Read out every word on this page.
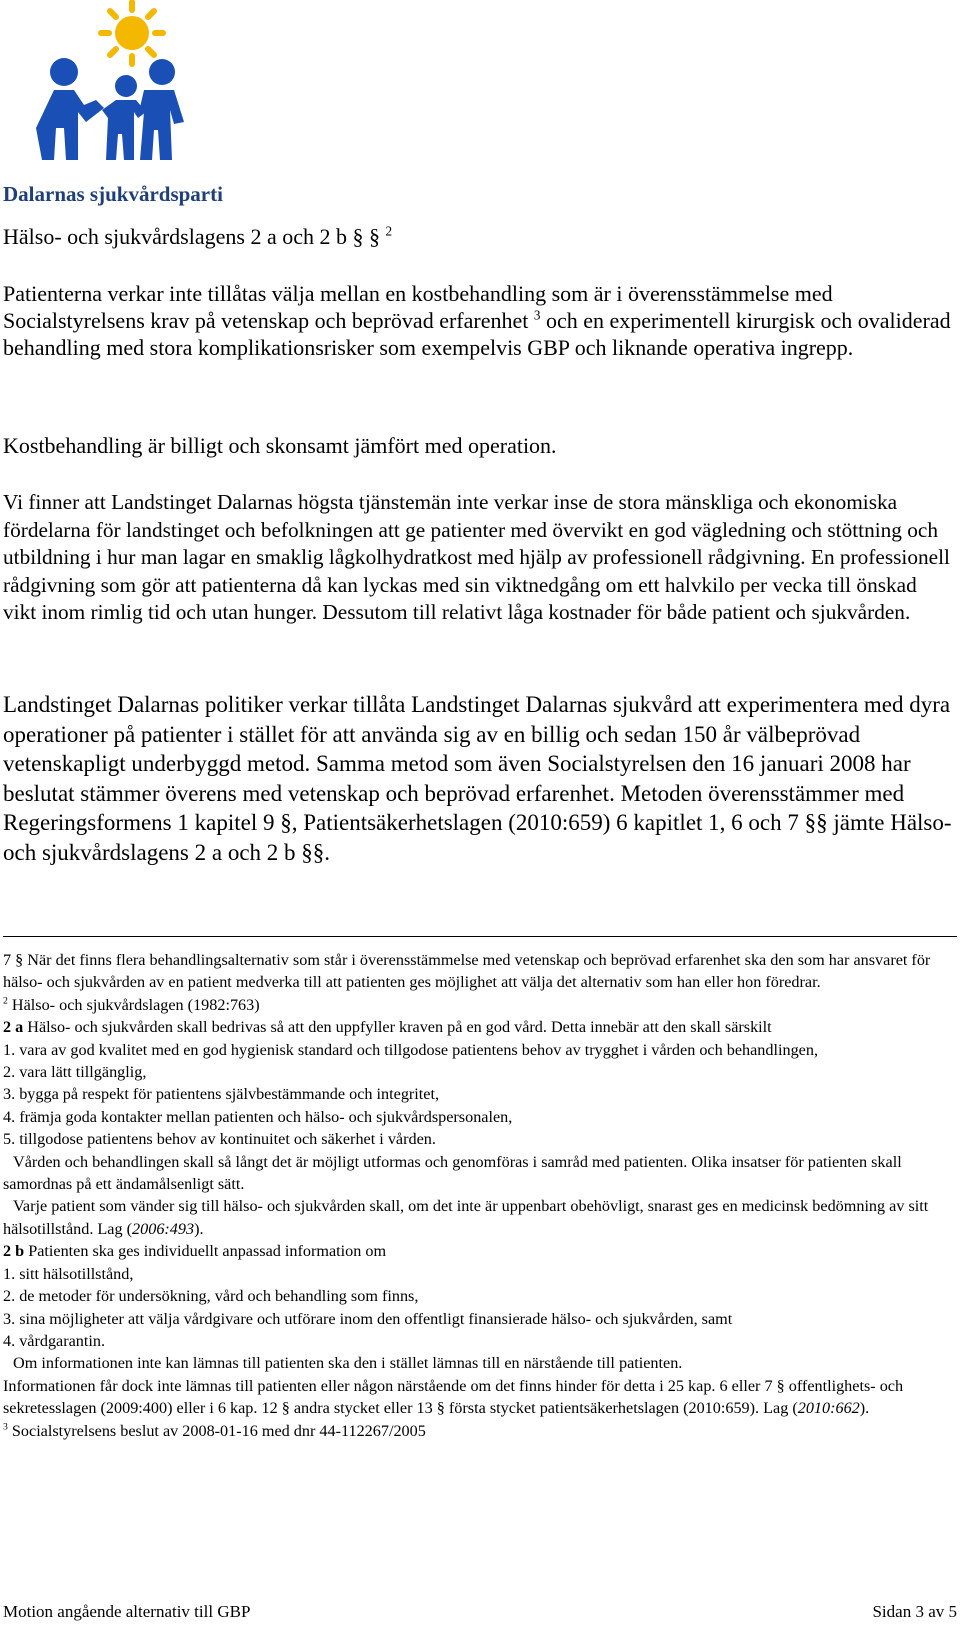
Dalarnas sjukvårdsparti
Hälso- och sjukvårdslagens 2 a och 2 b § § $^2$
Patienterna verkar inte tillåtas välja mellan en kostbehandling som är i överensstämmelse med Socialstyrelsens krav på vetenskap och beprövad erfarenhet $^3$ och en experimentell kirurgisk och ovaliderad behandling med stora komplikationsrisker som exempelvis GBP och liknande operativa ingrepp.
Kostbehandling är billigt och skonsamt jämfört med operation.
Vi finner att Landstinget Dalarnas högsta tjänstemän inte verkar inse de stora mänskliga och ekonomiska fördelarna för landstinget och befolkningen att ge patienter med övervikt en god vägledning och stöttning och utbildning i hur man lagar en smaklig lågkolhydratkost med hjälp av professionell rådgivning. En professionell rådgivning som gör att patienterna då kan lyckas med sin viktnedgång om ett halvkilo per vecka till önskad vikt inom rimlig tid och utan hunger. Dessutom till relativt låga kostnader för både patient och sjukvården.
Landstinget Dalarnas politiker verkar tillåta Landstinget Dalarnas sjukvård att experimentera med dyra operationer på patienter i stället för att använda sig av en billig och sedan 150 år välbeprövad vetenskapligt underbyggd metod. Samma metod som även Socialstyrelsen den 16 januari 2008 har beslutat stämmer överens med vetenskap och beprövad erfarenhet. Metoden överensstämmer med Regeringsformens 1 kapitel 9 §, Patientsäkerhetslagen (2010:659) 6 kapitlet 1, 6 och 7 §§ jämte Hälso- och sjukvårdslagens 2 a och 2 b §§.
7 § När det finns flera behandlingsalternativ som står i överensstämmelse med vetenskap och beprövad erfarenhet ska den som har ansvaret för hälso- och sjukvården av en patient medverka till att patienten ges möjlighet att välja det alternativ som han eller hon föredrar.
$^2$ Hälso- och sjukvårdslagen (1982:763)
2 a Hälso- och sjukvården skall bedrivas så att den uppfyller kraven på en god vård. Detta innebär att den skall särskilt
1. vara av god kvalitet med en god hygienisk standard och tillgodose patientens behov av trygghet i vården och behandlingen,
2. vara lätt tillgänglig,
3. bygga på respekt för patientens självbestämmande och integritet,
4. främja goda kontakter mellan patienten och hälso- och sjukvårdspersonalen,
5. tillgodose patientens behov av kontinuitet och säkerhet i vården.
Vården och behandlingen skall så långt det är möjligt utformas och genomföras i samråd med patienten. Olika insatser för patienten skall samordnas på ett ändamålsenligt sätt.
Varje patient som vänder sig till hälso- och sjukvården skall, om det inte är uppenbart obehövligt, snarast ges en medicinsk bedömning av sitt hälsotillstånd. Lag (2006:493).
2 b Patienten ska ges individuellt anpassad information om
1. sitt hälsotillstånd,
2. de metoder för undersökning, vård och behandling som finns,
3. sina möjligheter att välja vårdgivare och utförare inom den offentligt finansierade hälso- och sjukvården, samt
4. vårdgarantin.
Om informationen inte kan lämnas till patienten ska den i stället lämnas till en närstående till patienten.
Informationen får dock inte lämnas till patienten eller någon närstående om det finns hinder för detta i 25 kap. 6 eller 7 § offentlighets- och sekretesslagen (2009:400) eller i 6 kap. 12 § andra stycket eller 13 § första stycket patientsäkerhetslagen (2010:659). Lag (2010:662).
$^3$ Socialstyrelsens beslut av 2008-01-16 med dnr 44-112267/2005
Motion angående alternativ till GBP	Sidan 3 av 5
